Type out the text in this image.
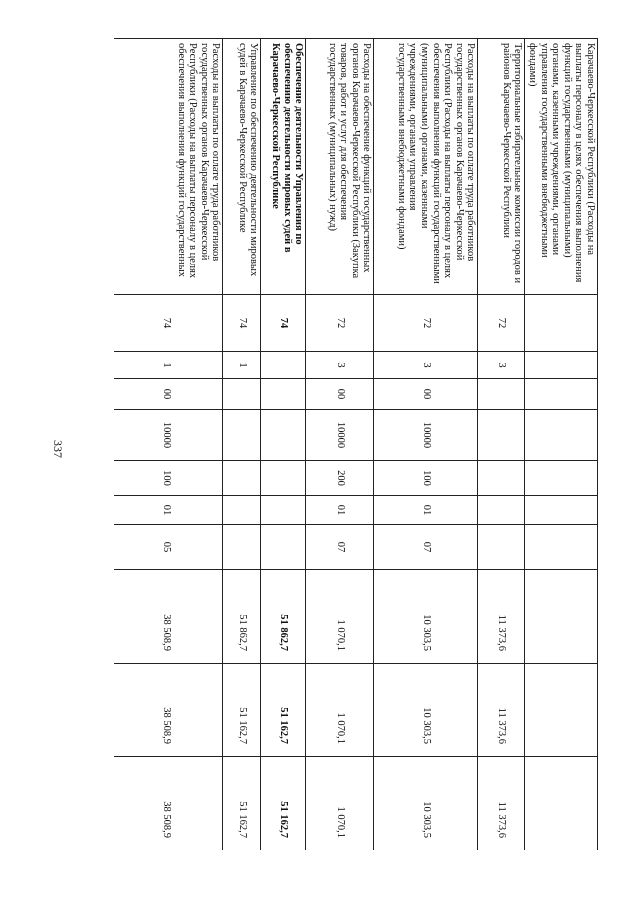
337
Карачаево-Черкесской Республики (Расходы на выплаты персоналу в целях обеспечения выполнения функций государственными (муниципальными) органами, казенными учреждениями, органами управления государственными внебюджетными фондами)										
Территориальные избирательные комиссии городов и районов Карачаево-Черкесской Республики	72	3						11 373,6	11 373,6	11 373,6
Расходы на выплаты по оплате труда работников государственных органов Карачаево-Черкесской Республики (Расходы на выплаты персоналу в целях обеспечения выполнения функций государственными (муниципальными) органами, казенными учреждениями, органами управления государственными внебюджетными фондами)	72	3	00	10000	100	01	07	10 303,5	10 303,5	10 303,5
Расходы на обеспечение функций государственных органов Карачаево-Черкесской Республики (Закупка товаров, работ и услуг для обеспечения государственных (муниципальных) нужд)	72	3	00	10000	200	01	07	1 070,1	1 070,1	1 070,1
Обеспечение деятельности Управления по обеспечению деятельности мировых судей в Карачаево-Черкесской Республике	74							51 862,7	51 162,7	51 162,7
Управление по обеспечению деятельности мировых судей в Карачаево-Черкесской Республике	74	1						51 862,7	51 162,7	51 162,7
Расходы на выплаты по оплате труда работников государственных органов Карачаево-Черкесской Республики (Расходы на выплаты персоналу в целях обеспечения выполнения функций государственных	74	1	00	10000	100	01	05	38 508,9	38 508,9	38 508,9
